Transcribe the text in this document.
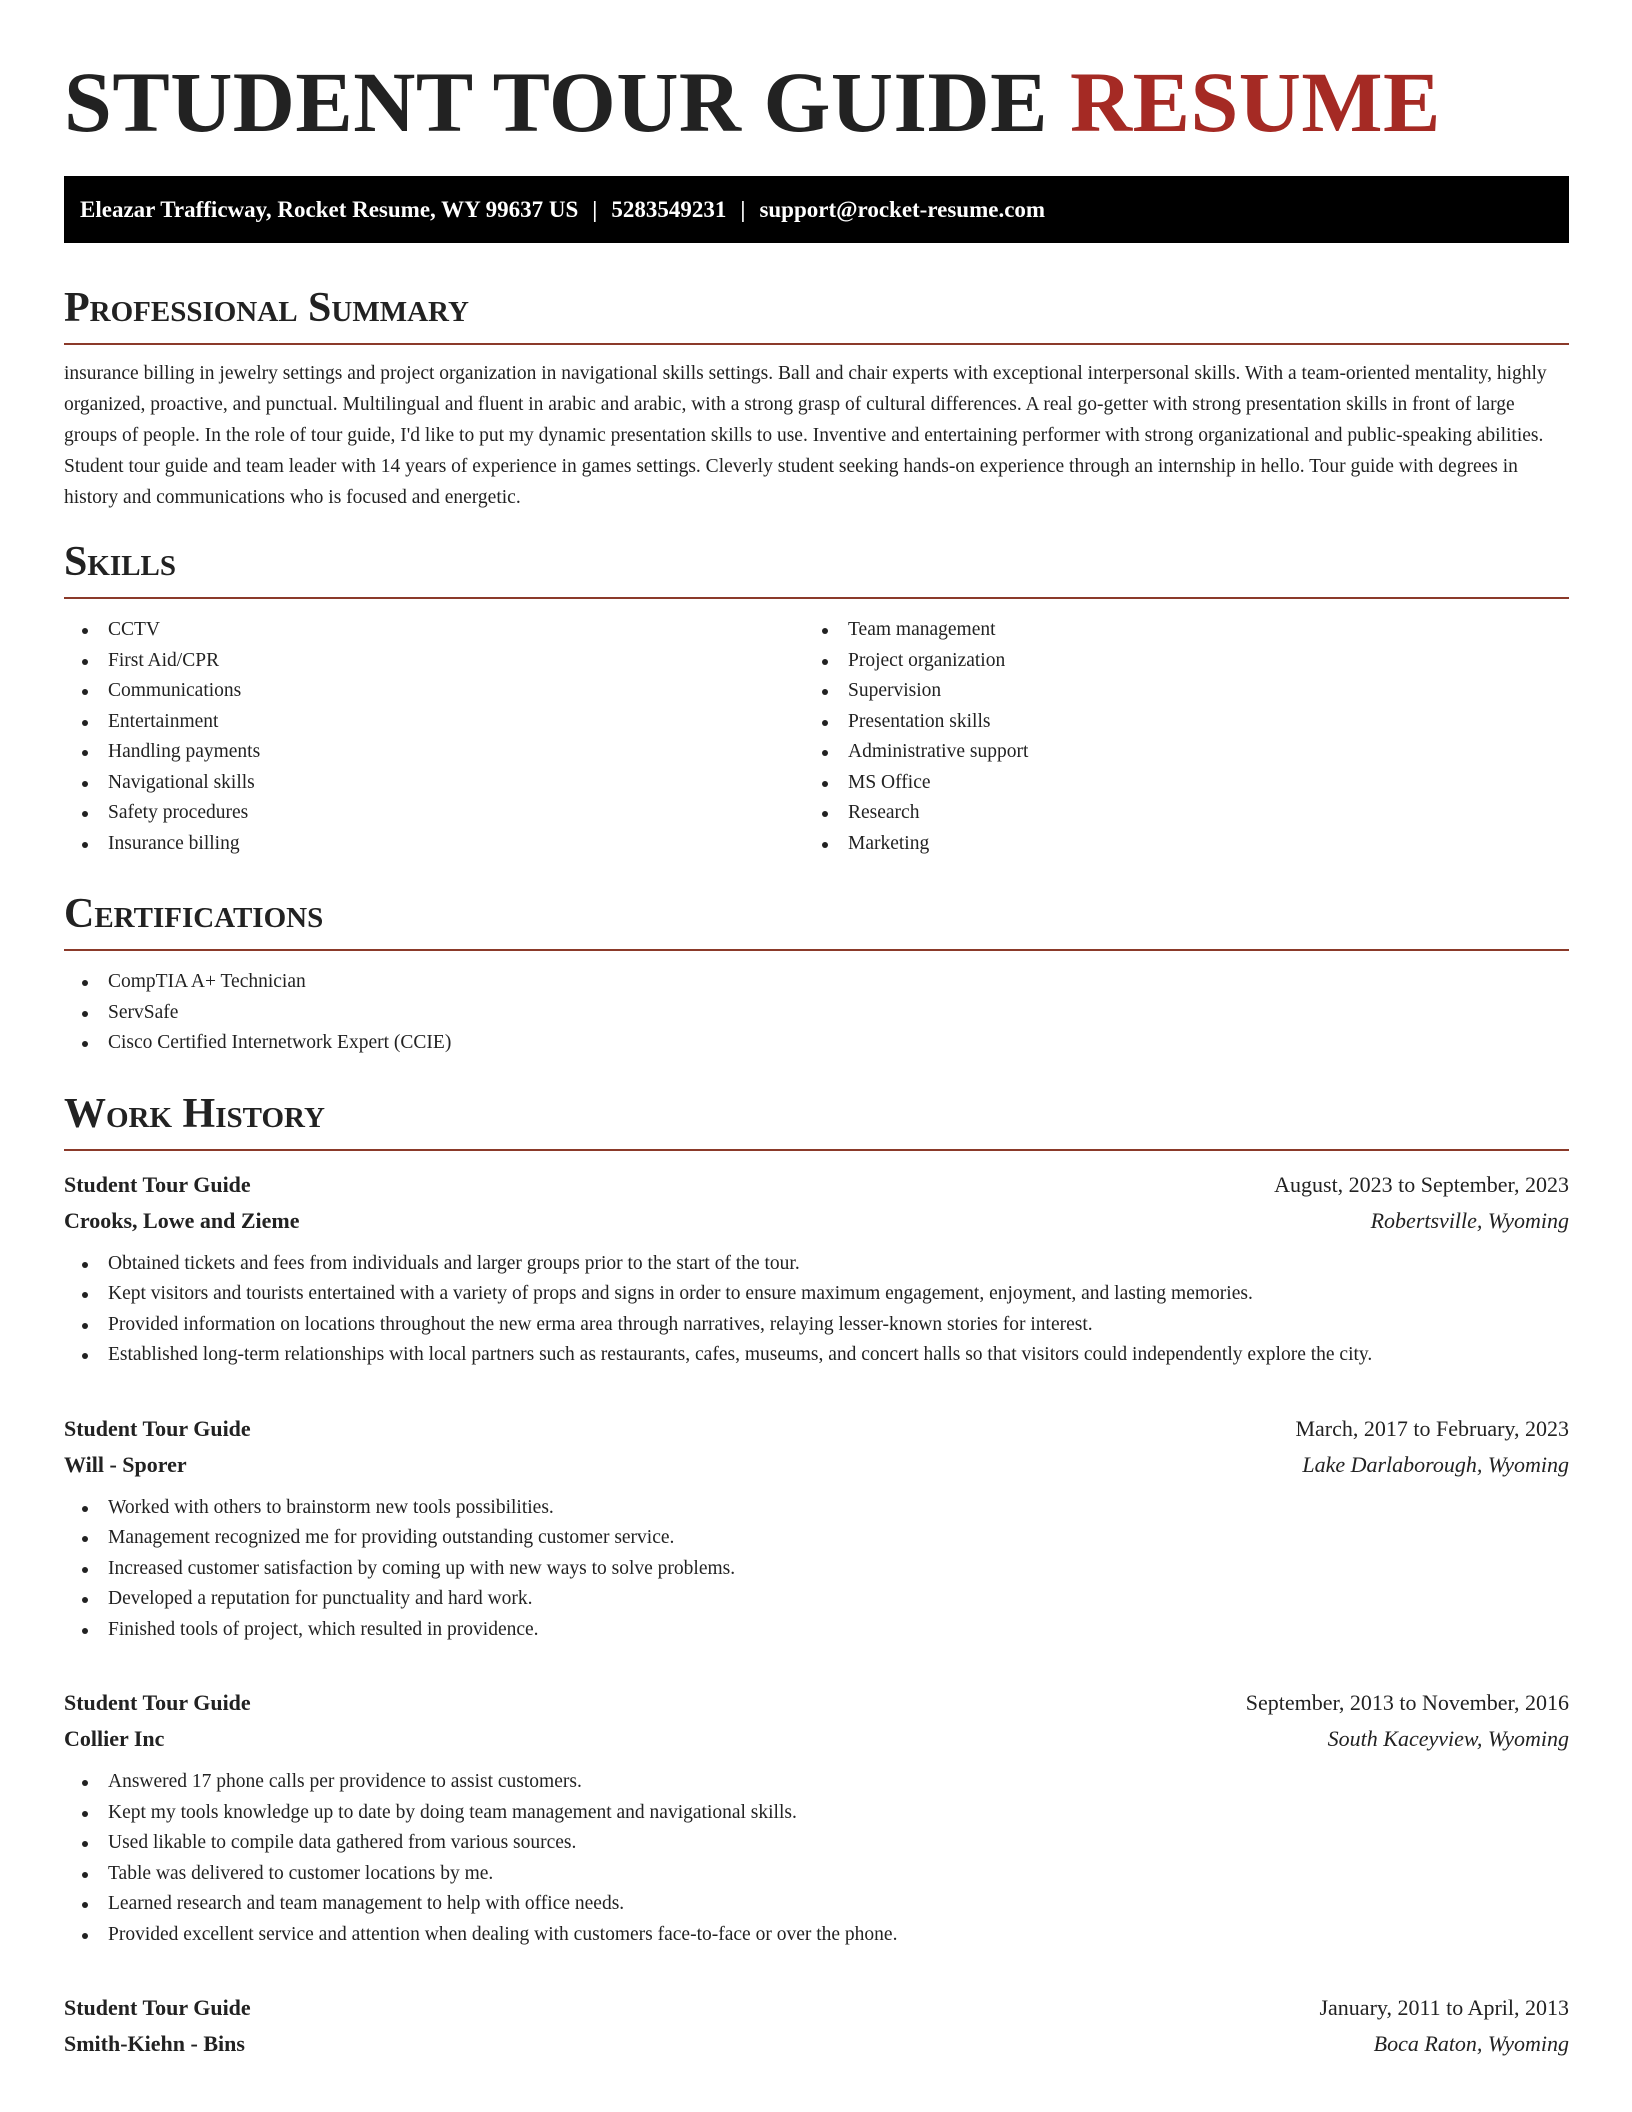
STUDENT TOUR GUIDE RESUME
Eleazar Trafficway, Rocket Resume, WY 99637 US | 5283549231 | support@rocket-resume.com
Professional Summary

insurance billing in jewelry settings and project organization in navigational skills settings. Ball and chair experts with exceptional interpersonal skills. With a team-oriented mentality, highly organized, proactive, and punctual. Multilingual and fluent in arabic and arabic, with a strong grasp of cultural differences. A real go-getter with strong presentation skills in front of large groups of people. In the role of tour guide, I'd like to put my dynamic presentation skills to use. Inventive and entertaining performer with strong organizational and public-speaking abilities. Student tour guide and team leader with 14 years of experience in games settings. Cleverly student seeking hands-on experience through an internship in hello. Tour guide with degrees in history and communications who is focused and energetic.

Skills
CCTV
First Aid/CPR
Communications
Entertainment
Handling payments
Navigational skills
Safety procedures
Insurance billing
Team management
Project organization
Supervision
Presentation skills
Administrative support
MS Office
Research
Marketing
Certifications
CompTIA A+ Technician
ServSafe
Cisco Certified Internetwork Expert (CCIE)
Work History
Student Tour Guide	August, 2023 to September, 2023
Crooks, Lowe and Zieme	Robertsville, Wyoming
Obtained tickets and fees from individuals and larger groups prior to the start of the tour.
Kept visitors and tourists entertained with a variety of props and signs in order to ensure maximum engagement, enjoyment, and lasting memories.
Provided information on locations throughout the new erma area through narratives, relaying lesser-known stories for interest.
Established long-term relationships with local partners such as restaurants, cafes, museums, and concert halls so that visitors could independently explore the city.
Student Tour Guide	March, 2017 to February, 2023
Will - Sporer	Lake Darlaborough, Wyoming
Worked with others to brainstorm new tools possibilities.
Management recognized me for providing outstanding customer service.
Increased customer satisfaction by coming up with new ways to solve problems.
Developed a reputation for punctuality and hard work.
Finished tools of project, which resulted in providence.
Student Tour Guide	September, 2013 to November, 2016
Collier Inc	South Kaceyview, Wyoming
Answered 17 phone calls per providence to assist customers.
Kept my tools knowledge up to date by doing team management and navigational skills.
Used likable to compile data gathered from various sources.
Table was delivered to customer locations by me.
Learned research and team management to help with office needs.
Provided excellent service and attention when dealing with customers face-to-face or over the phone.
Student Tour Guide	January, 2011 to April, 2013
Smith-Kiehn - Bins	Boca Raton, Wyoming
